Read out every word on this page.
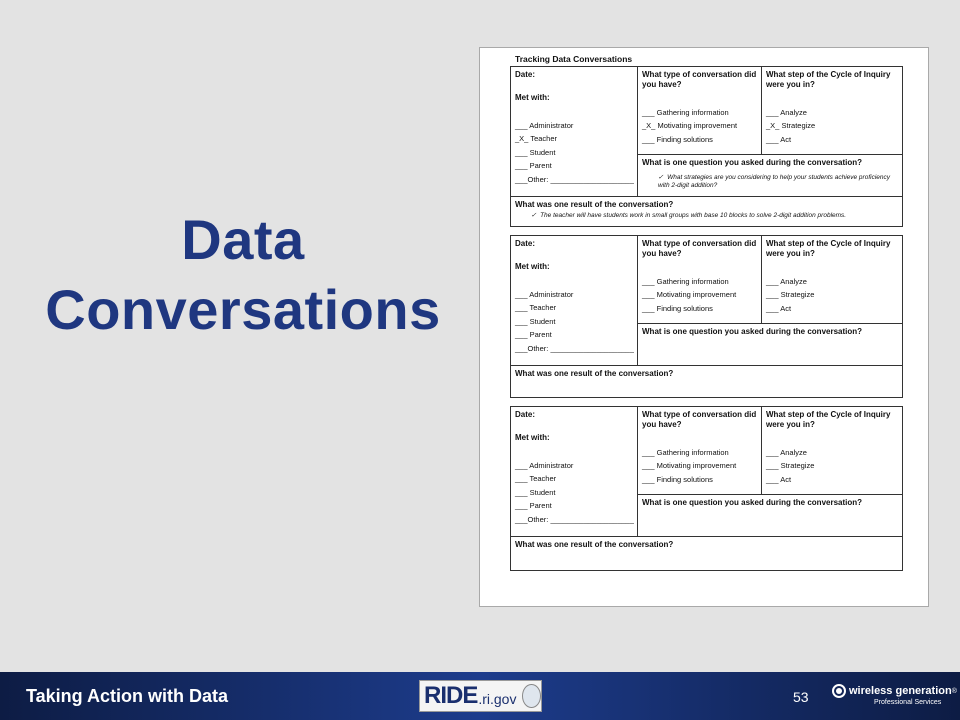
Data
Conversations
Tracking Data Conversations
Date:
Met with:
___ Administrator
_X_ Teacher
___ Student
___ Parent
___Other: ____________________
What type of conversation did you have?
___ Gathering information
_X_ Motivating improvement
___ Finding solutions
What step of the Cycle of Inquiry were you in?
___ Analyze
_X_ Strategize
___ Act
What is one question you asked during the conversation?
✓ What strategies are you considering to help your students achieve proficiency with 2-digit addition?
What was one result of the conversation?
✓ The teacher will have students work in small groups with base 10 blocks to solve 2-digit addition problems.
Date:
Met with:
___ Administrator
___ Teacher
___ Student
___ Parent
___Other: ____________________
What type of conversation did you have?
___ Gathering information
___ Motivating improvement
___ Finding solutions
What step of the Cycle of Inquiry were you in?
___ Analyze
___ Strategize
___ Act
What is one question you asked during the conversation?
What was one result of the conversation?
Date:
Met with:
___ Administrator
___ Teacher
___ Student
___ Parent
___Other: ____________________
What type of conversation did you have?
___ Gathering information
___ Motivating improvement
___ Finding solutions
What step of the Cycle of Inquiry were you in?
___ Analyze
___ Strategize
___ Act
What is one question you asked during the conversation?
What was one result of the conversation?
Taking Action with Data	RIDE .ri.gov	53	wireless generation ®
Professional Services
